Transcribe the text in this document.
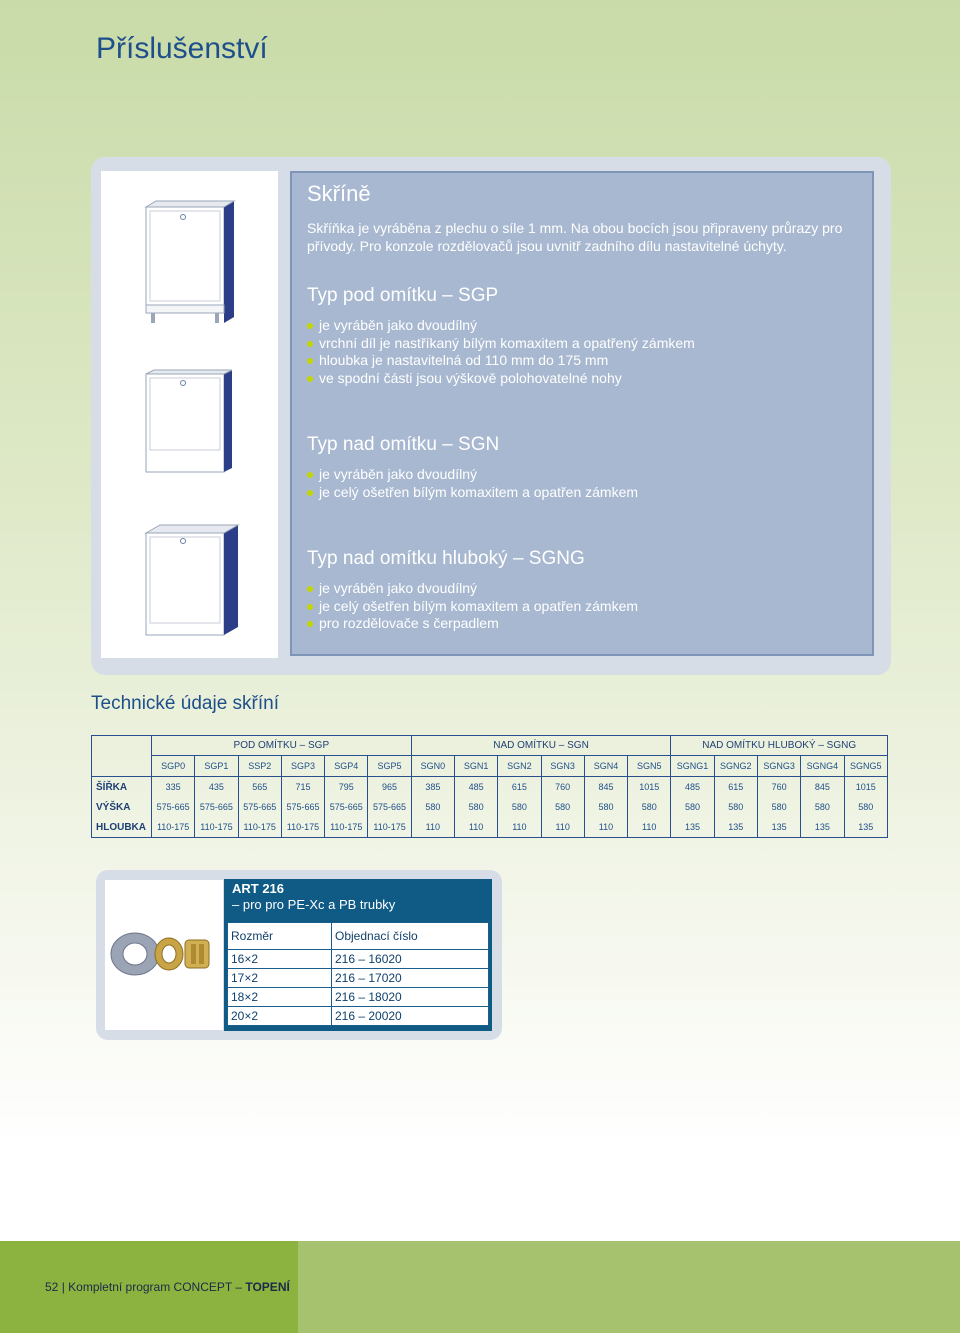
Příslušenství
Skříně

Skříňka je vyráběna z plechu o síle 1 mm. Na obou bocích jsou připraveny průrazy pro přívody. Pro konzole rozdělovačů jsou uvnitř zadního dílu nastavitelné úchyty.

Typ pod omítku – SGP
je vyráběn jako dvoudílný
vrchní díl je nastříkaný bílým komaxitem a opatřený zámkem
hloubka je nastavitelná od 110 mm do 175 mm
ve spodní části jsou výškově polohovatelné nohy
Typ nad omítku – SGN
je vyráběn jako dvoudílný
je celý ošetřen bílým komaxitem a opatřen zámkem
Typ nad omítku hluboký – SGNG
je vyráběn jako dvoudílný
je celý ošetřen bílým komaxitem a opatřen zámkem
pro rozdělovače s čerpadlem
Technické údaje skříní
	POD OMÍTKU – SGP						NAD OMÍTKU – SGN						NAD OMÍTKU HLUBOKÝ – SGNG				
	SGP0	SGP1	SSP2	SGP3	SGP4	SGP5	SGN0	SGN1	SGN2	SGN3	SGN4	SGN5	SGNG1	SGNG2	SGNG3	SGNG4	SGNG5
ŠÍŘKA	335	435	565	715	795	965	385	485	615	760	845	1015	485	615	760	845	1015
VÝŠKA	575-665	575-665	575-665	575-665	575-665	575-665	580	580	580	580	580	580	580	580	580	580	580
HLOUBKA	110-175	110-175	110-175	110-175	110-175	110-175	110	110	110	110	110	110	135	135	135	135	135

ART 216

– pro pro PE-Xc a PB trubky

Rozměr	Objednací číslo
16×2	216 – 16020
17×2	216 – 17020
18×2	216 – 18020
20×2	216 – 20020

52 | Kompletní program CONCEPT – TOPENÍ
